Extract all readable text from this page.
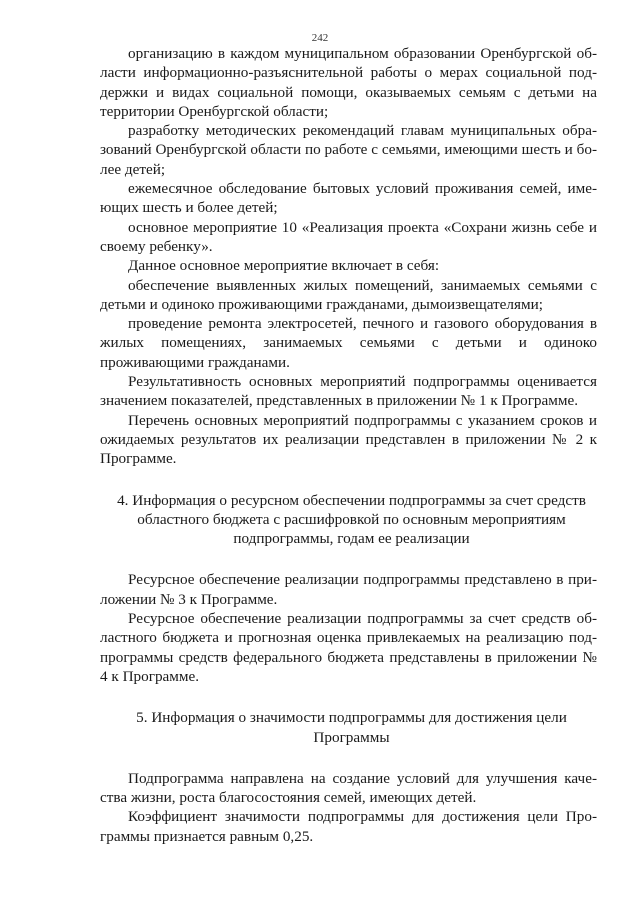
242

организацию в каждом муниципальном образовании Оренбургской области информационно-разъяснительной работы о мерах социальной поддержки и видах социальной помощи, оказываемых семьям с детьми на территории Оренбургской области;

разработку методических рекомендаций главам муниципальных образований Оренбургской области по работе с семьями, имеющими шесть и более детей;

ежемесячное обследование бытовых условий проживания семей, имеющих шесть и более детей;

основное мероприятие 10 «Реализация проекта «Сохрани жизнь себе и своему ребенку».

Данное основное мероприятие включает в себя:

обеспечение выявленных жилых помещений, занимаемых семьями с детьми и одиноко проживающими гражданами, дымоизвещателями;

проведение ремонта электросетей, печного и газового оборудования в жилых помещениях, занимаемых семьями с детьми и одиноко проживающими гражданами.

Результативность основных мероприятий подпрограммы оценивается значением показателей, представленных в приложении № 1 к Программе.

Перечень основных мероприятий подпрограммы с указанием сроков и ожидаемых результатов их реализации представлен в приложении № 2 к Программе.

4. Информация о ресурсном обеспечении подпрограммы за счет средств областного бюджета с расшифровкой по основным мероприятиям подпрограммы, годам ее реализации

Ресурсное обеспечение реализации подпрограммы представлено в приложении № 3 к Программе.

Ресурсное обеспечение реализации подпрограммы за счет средств областного бюджета и прогнозная оценка привлекаемых на реализацию подпрограммы средств федерального бюджета представлены в приложении № 4 к Программе.

5. Информация о значимости подпрограммы для достижения цели Программы

Подпрограмма направлена на создание условий для улучшения качества жизни, роста благосостояния семей, имеющих детей.

Коэффициент значимости подпрограммы для достижения цели Программы признается равным 0,25.
